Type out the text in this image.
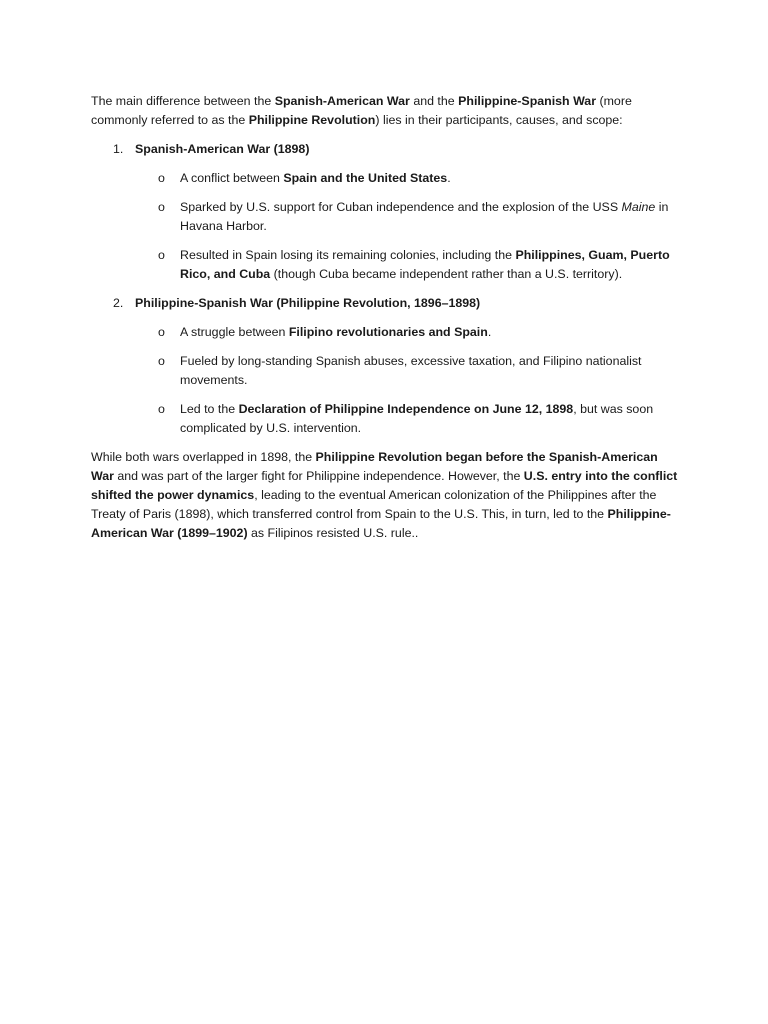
The main difference between the Spanish-American War and the Philippine-Spanish War (more commonly referred to as the Philippine Revolution) lies in their participants, causes, and scope:

1. Spanish-American War (1898)
o A conflict between Spain and the United States.
o Sparked by U.S. support for Cuban independence and the explosion of the USS Maine in Havana Harbor.
o Resulted in Spain losing its remaining colonies, including the Philippines, Guam, Puerto Rico, and Cuba (though Cuba became independent rather than a U.S. territory).
2. Philippine-Spanish War (Philippine Revolution, 1896–1898)
o A struggle between Filipino revolutionaries and Spain.
o Fueled by long-standing Spanish abuses, excessive taxation, and Filipino nationalist movements.
o Led to the Declaration of Philippine Independence on June 12, 1898, but was soon complicated by U.S. intervention.

While both wars overlapped in 1898, the Philippine Revolution began before the Spanish-American War and was part of the larger fight for Philippine independence. However, the U.S. entry into the conflict shifted the power dynamics, leading to the eventual American colonization of the Philippines after the Treaty of Paris (1898), which transferred control from Spain to the U.S. This, in turn, led to the Philippine-American War (1899–1902) as Filipinos resisted U.S. rule..
